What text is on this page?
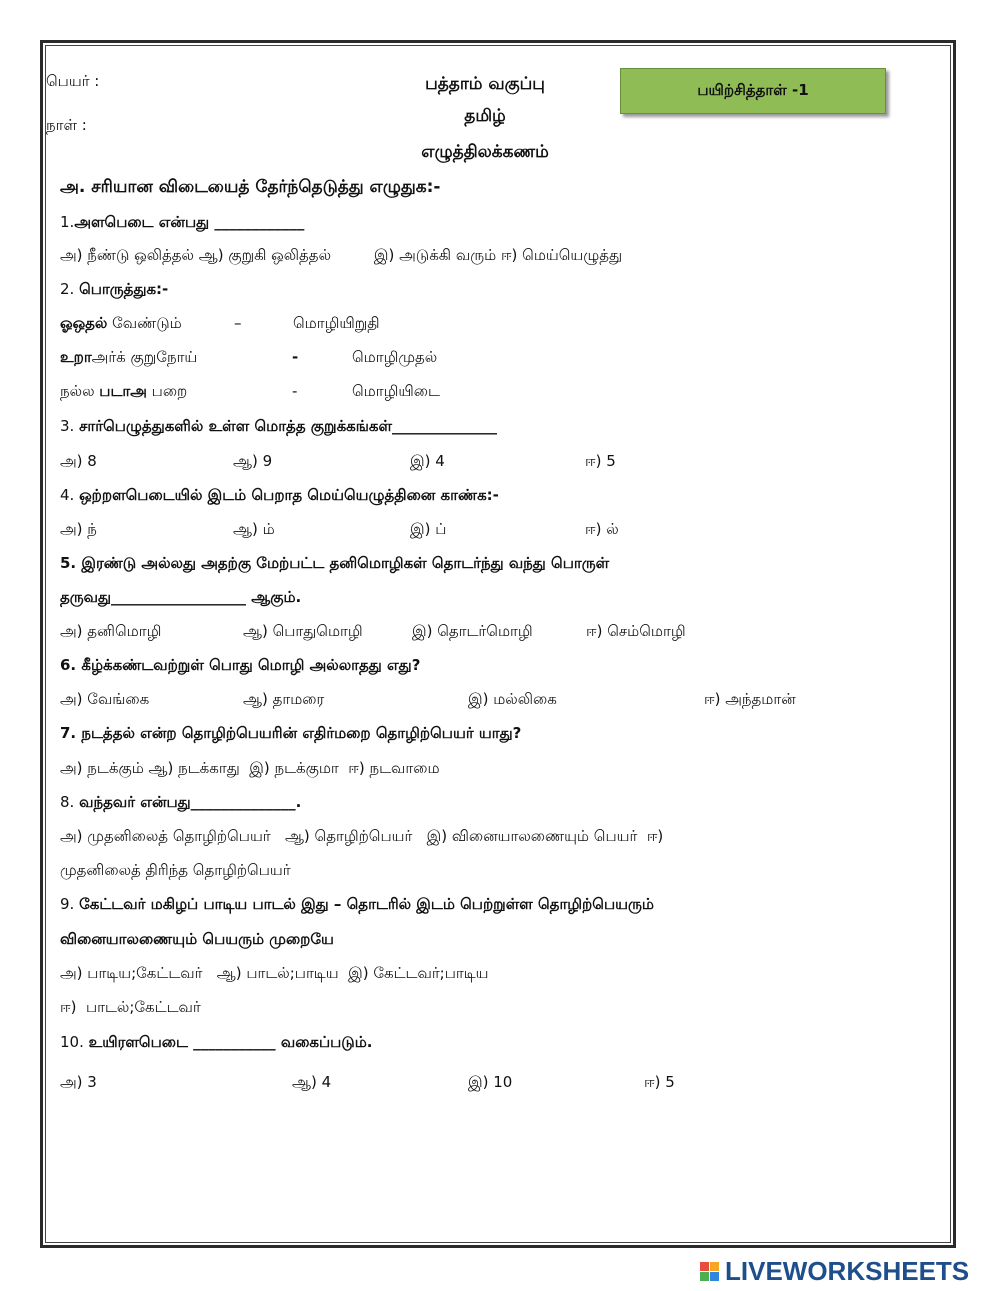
பெயர் :
நாள் :
பத்தாம் வகுப்பு
தமிழ்
எழுத்திலக்கணம்
பயிற்சித்தாள் -1
அ. சரியான விடையைத் தேர்ந்தெடுத்து எழுதுக:-
1.அளபெடை என்பது ____________
அ) நீண்டு ஒலித்தல் ஆ) குறுகி ஒலித்தல்         இ) அடுக்கி வரும் ஈ) மெய்யெழுத்து
2. பொருத்துக:-
ஓஒதல் வேண்டும்	–	மொழியிறுதி
உறாஅர்க் குறுநோய்	-	மொழிமுதல்
நல்ல படாஅ பறை	-	மொழியிடை
3. சார்பெழுத்துகளில் உள்ள மொத்த குறுக்கங்கள்______________
அ) 8	ஆ) 9	இ) 4	ஈ) 5
4. ஒற்றளபெடையில் இடம் பெறாத மெய்யெழுத்தினை காண்க:-
அ) ந்	ஆ) ம்	இ) ப்	ஈ) ல்
5. இரண்டு அல்லது அதற்கு மேற்பட்ட தனிமொழிகள் தொடர்ந்து வந்து பொருள்
தருவது__________________ ஆகும்.
அ) தனிமொழி	ஆ) பொதுமொழி	இ) தொடர்மொழி	ஈ) செம்மொழி
6. கீழ்க்கண்டவற்றுள் பொது மொழி அல்லாதது எது?
அ) வேங்கை	ஆ) தாமரை	இ) மல்லிகை	ஈ) அந்தமான்
7. நடத்தல் என்ற தொழிற்பெயரின் எதிர்மறை தொழிற்பெயர் யாது?
அ) நடக்கும் ஆ) நடக்காது  இ) நடக்குமா  ஈ) நடவாமை
8. வந்தவர் என்பது______________.
அ) முதனிலைத் தொழிற்பெயர்   ஆ) தொழிற்பெயர்   இ) வினையாலணையும் பெயர்  ஈ)
முதனிலைத் திரிந்த தொழிற்பெயர்
9. கேட்டவர் மகிழப் பாடிய பாடல் இது – தொடரில் இடம் பெற்றுள்ள தொழிற்பெயரும்
வினையாலணையும் பெயரும் முறையே
அ) பாடிய;கேட்டவர்   ஆ) பாடல்;பாடிய  இ) கேட்டவர்;பாடிய
ஈ)  பாடல்;கேட்டவர்
10. உயிரளபெடை ___________ வகைப்படும்.
அ) 3	ஆ) 4	இ) 10	ஈ) 5
LIVEWORKSHEETS
